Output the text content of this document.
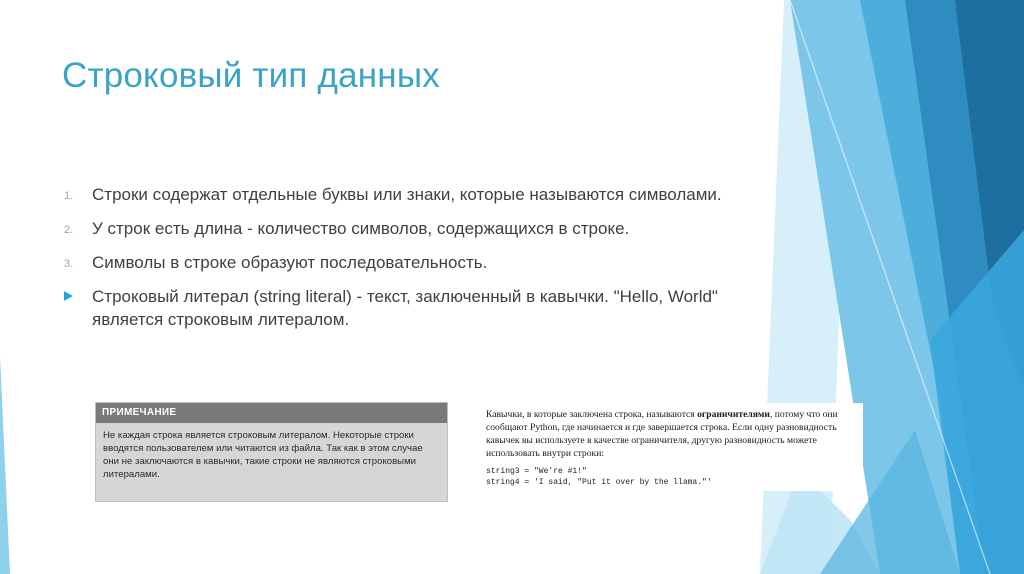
Строковый тип данных
1. Строки содержат отдельные буквы или знаки, которые называются символами.
2. У строк есть длина - количество символов, содержащихся в строке.
3. Символы в строке образуют последовательность.
Строковый литерал (string literal) - текст, заключенный в кавычки. "Hello, World" является строковым литералом.
ПРИМЕЧАНИЕ
Не каждая строка является строковым литералом. Некоторые строки вводятся пользователем или читаются из файла. Так как в этом случае они не заключаются в кавычки, такие строки не являются строковыми литералами.
Кавычки, в которые заключена строка, называются ограничителями, потому что они сообщают Python, где начинается и где завершается строка. Если одну разновидность кавычек вы используете в качестве ограничителя, другую разновидность можете использовать внутри строки:
string3 = "We're #1!"
string4 = 'I said, "Put it over by the llama."'
